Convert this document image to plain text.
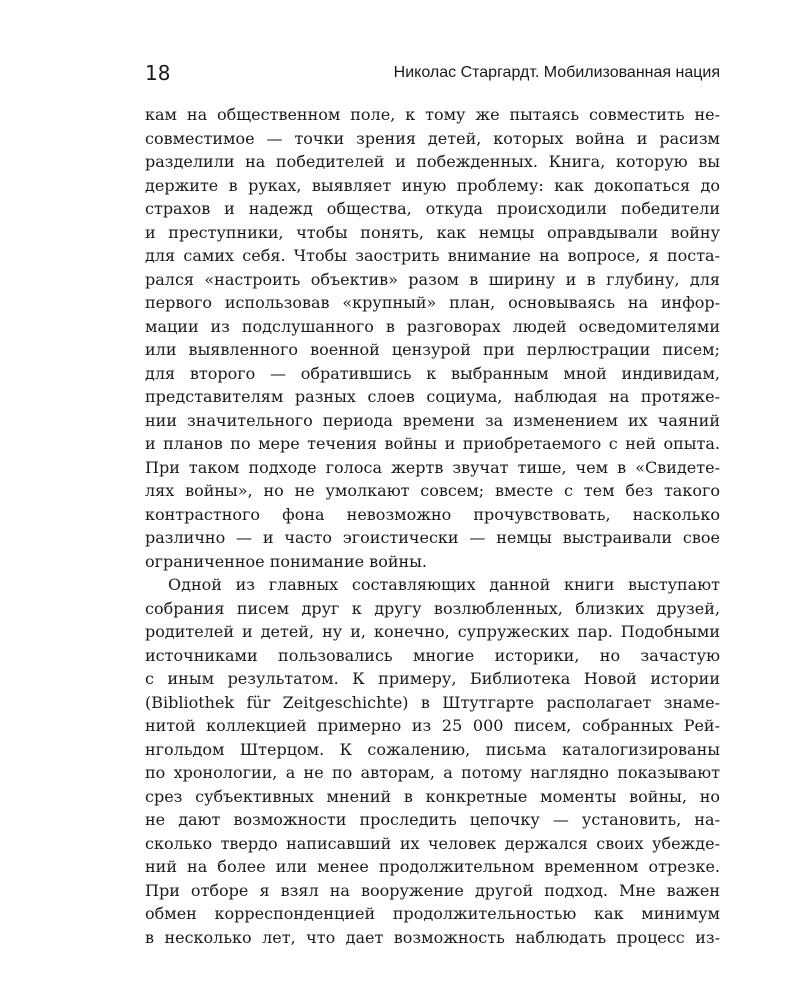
18	Николас Старгардт. Мобилизованная нация
кам на общественном поле, к тому же пытаясь совместить не-
совместимое — точки зрения детей, которых война и расизм
разделили на победителей и побежденных. Книга, которую вы
держите в руках, выявляет иную проблему: как докопаться до
страхов и надежд общества, откуда происходили победители
и преступники, чтобы понять, как немцы оправдывали войну
для самих себя. Чтобы заострить внимание на вопросе, я поста-
рался «настроить объектив» разом в ширину и в глубину, для
первого использовав «крупный» план, основываясь на инфор-
мации из подслушанного в разговорах людей осведомителями
или выявленного военной цензурой при перлюстрации писем;
для второго — обратившись к выбранным мной индивидам,
представителям разных слоев социума, наблюдая на протяже-
нии значительного периода времени за изменением их чаяний
и планов по мере течения войны и приобретаемого с ней опыта.
При таком подходе голоса жертв звучат тише, чем в «Свидете-
лях войны», но не умолкают совсем; вместе с тем без такого
контрастного фона невозможно прочувствовать, насколько
различно — и часто эгоистически — немцы выстраивали свое
ограниченное понимание войны.
Одной из главных составляющих данной книги выступают
собрания писем друг к другу возлюбленных, близких друзей,
родителей и детей, ну и, конечно, супружеских пар. Подобными
источниками пользовались многие историки, но зачастую
с иным результатом. К примеру, Библиотека Новой истории
(Bibliothek für Zeitgeschichte) в Штутгарте располагает знаме-
нитой коллекцией примерно из 25 000 писем, собранных Рей-
нгольдом Штерцом. К сожалению, письма каталогизированы
по хронологии, а не по авторам, а потому наглядно показывают
срез субъективных мнений в конкретные моменты войны, но
не дают возможности проследить цепочку — установить, на-
сколько твердо написавший их человек держался своих убежде-
ний на более или менее продолжительном временном отрезке.
При отборе я взял на вооружение другой подход. Мне важен
обмен корреспонденцией продолжительностью как минимум
в несколько лет, что дает возможность наблюдать процесс из-
